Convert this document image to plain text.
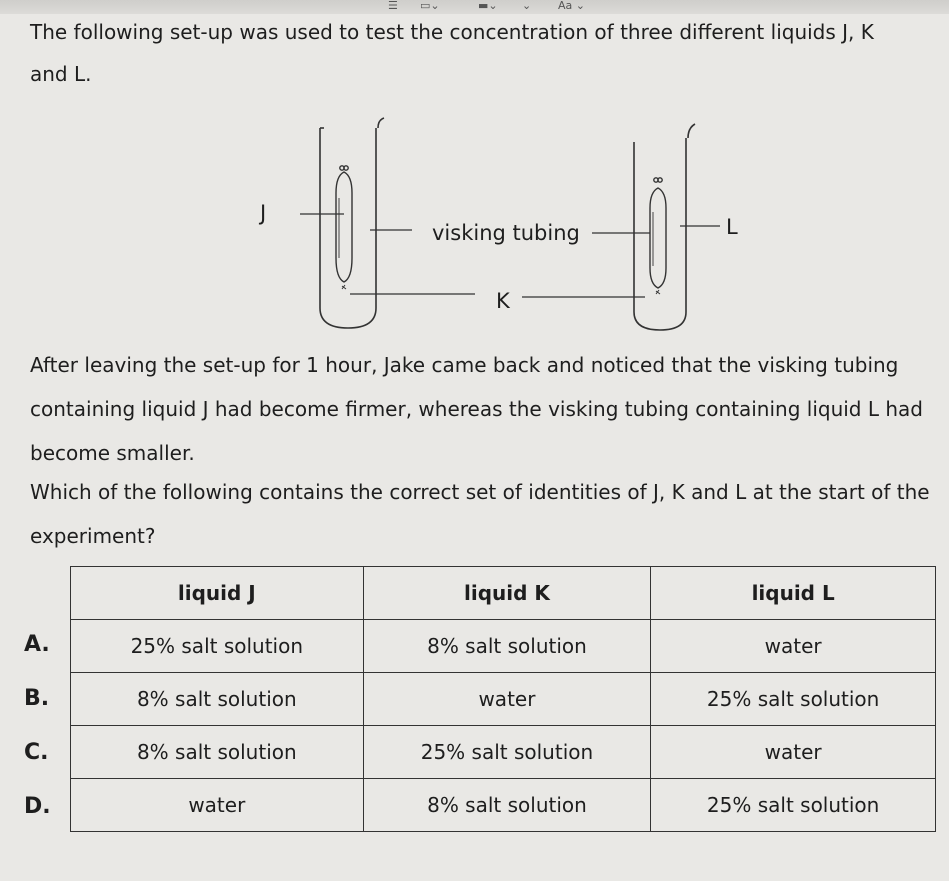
☰ ▭⌄	▬⌄ ⌄ Aa ⌄

The following set-up was used to test the concentration of three different liquids J, K

and L.

J
visking tubing
K
L

After leaving the set-up for 1 hour, Jake came back and noticed that the visking tubing containing liquid J had become firmer, whereas the visking tubing containing liquid L had become smaller.

Which of the following contains the correct set of identities of J, K and L at the start of the experiment?

A.
B.
C.
D.
liquid J	liquid K	liquid L
25% salt solution	8% salt solution	water
8% salt solution	water	25% salt solution
8% salt solution	25% salt solution	water
water	8% salt solution	25% salt solution
